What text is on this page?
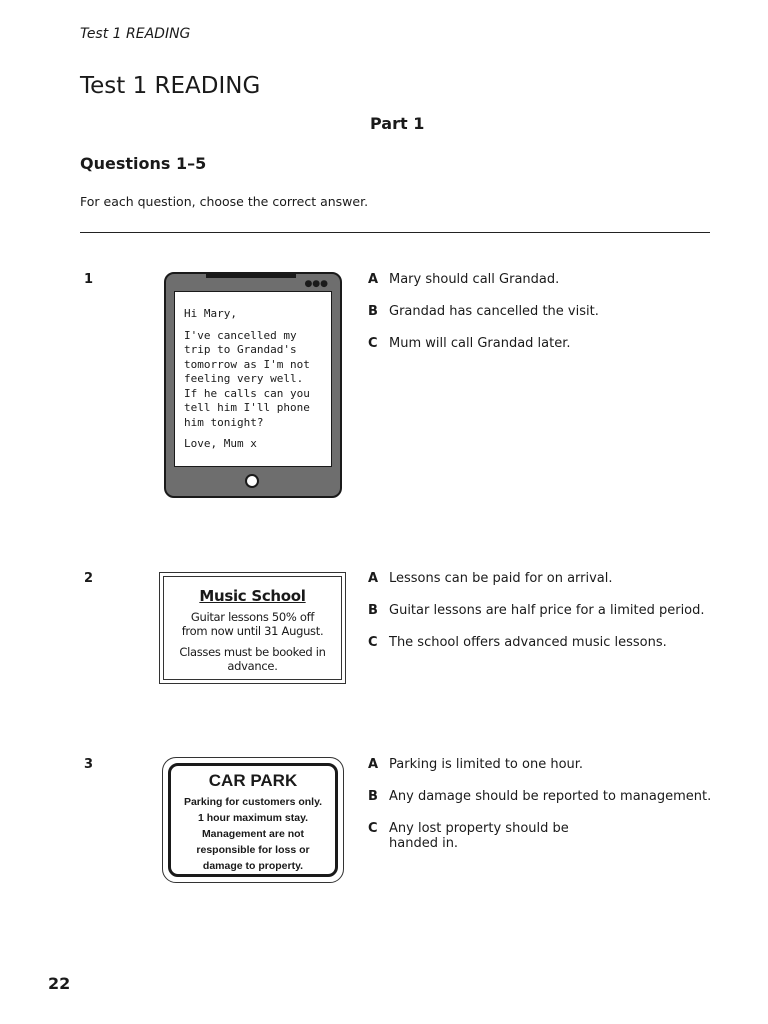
Test 1 READING
Test 1 READING
Part 1
Questions 1–5
For each question, choose the correct answer.
1	●●●

Hi Mary,

I've cancelled my trip to Grandad's tomorrow as I'm not feeling very well. If he calls can you tell him I'll phone him tonight?

Love, Mum x

A Mary should call Grandad.
B Grandad has cancelled the visit.
C Mum will call Grandad later.
2
Music School
Guitar lessons 50% off from now until 31 August.
Classes must be booked in advance.
A Lessons can be paid for on arrival.
B Guitar lessons are half price for a limited period.
C The school offers advanced music lessons.
3
CAR PARK
Parking for customers only.
1 hour maximum stay.
Management are not responsible for loss or damage to property.
A Parking is limited to one hour.
B Any damage should be reported to management.
C Any lost property should be handed in.
22
